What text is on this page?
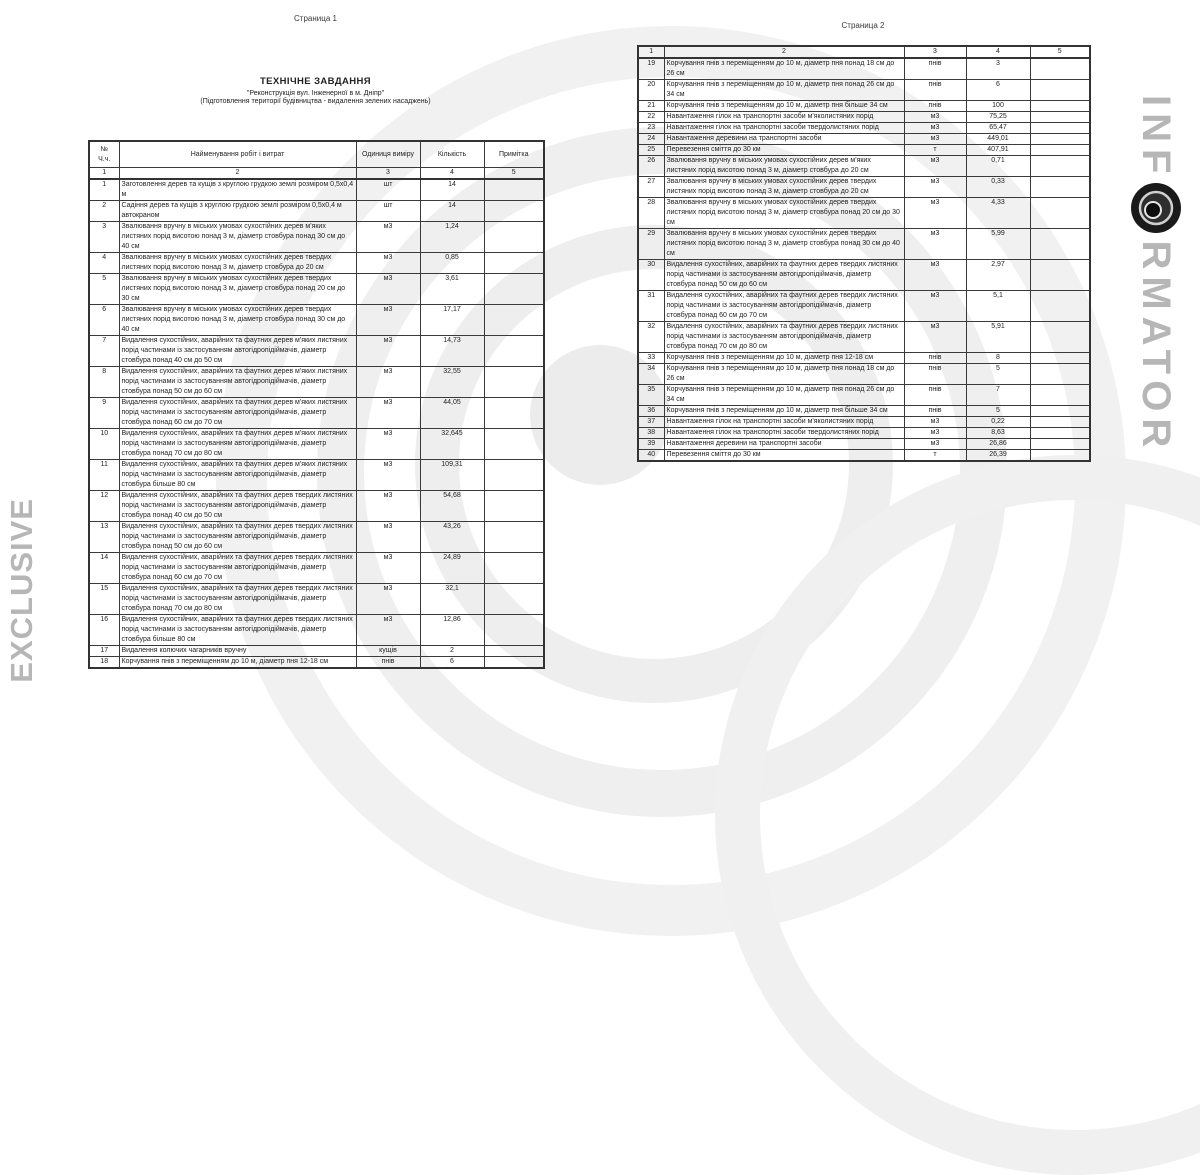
EXCLUSIVE
INFRMATOR
Страница 1
ТЕХНІЧНЕ ЗАВДАННЯ
"Реконструкція вул. Інженерної в м. Дніпр"
(Підготовлення території будівництва - видалення зелених насаджень)
№ Ч.ч.	Найменування робіт і витрат	Одиниця виміру	Кількість	Примітка
1	2	3	4	5
1	Заготовлення дерев та кущів з круглою грудкою землі розміром 0,5х0,4 м	шт	14	
2	Садіння дерев та кущів з круглою грудкою землі розміром 0,5х0,4 м автокраном	шт	14	
3	Звалювання вручну в міських умовах сухостійних дерев м'яких листяних порід висотою понад 3 м, діаметр стовбура понад 30 см до 40 см	м3	1,24	
4	Звалювання вручну в міських умовах сухостійних дерев твердих листяних порід висотою понад 3 м, діаметр стовбура до 20 см	м3	0,85	
5	Звалювання вручну в міських умовах сухостійних дерев твердих листяних порід висотою понад 3 м, діаметр стовбура понад 20 см до 30 см	м3	3,61	
6	Звалювання вручну в міських умовах сухостійних дерев твердих листяних порід висотою понад 3 м, діаметр стовбура понад 30 см до 40 см	м3	17,17	
7	Видалення сухостійних, аварійних та фаутних дерев м'яких листяних порід частинами із застосуванням автогідропідіймачів, діаметр стовбура понад 40 см до 50 см	м3	14,73	
8	Видалення сухостійних, аварійних та фаутних дерев м'яких листяних порід частинами із застосуванням автогідропідіймачів, діаметр стовбура понад 50 см до 60 см	м3	32,55	
9	Видалення сухостійних, аварійних та фаутних дерев м'яких листяних порід частинами із застосуванням автогідропідіймачів, діаметр стовбура понад 60 см до 70 см	м3	44,05	
10	Видалення сухостійних, аварійних та фаутних дерев м'яких листяних порід частинами із застосуванням автогідропідіймачів, діаметр стовбура понад 70 см до 80 см	м3	32,645	
11	Видалення сухостійних, аварійних та фаутних дерев м'яких листяних порід частинами із застосуванням автогідропідіймачів, діаметр стовбура більше 80 см	м3	109,31	
12	Видалення сухостійних, аварійних та фаутних дерев твердих листяних порід частинами із застосуванням автогідропідіймачів, діаметр стовбура понад 40 см до 50 см	м3	54,68	
13	Видалення сухостійних, аварійних та фаутних дерев твердих листяних порід частинами із застосуванням автогідропідіймачів, діаметр стовбура понад 50 см до 60 см	м3	43,26	
14	Видалення сухостійних, аварійних та фаутних дерев твердих листяних порід частинами із застосуванням автогідропідіймачів, діаметр стовбура понад 60 см до 70 см	м3	24,89	
15	Видалення сухостійних, аварійних та фаутних дерев твердих листяних порід частинами із застосуванням автогідропідіймачів, діаметр стовбура понад 70 см до 80 см	м3	32,1	
16	Видалення сухостійних, аварійних та фаутних дерев твердих листяних порід частинами із застосуванням автогідропідіймачів, діаметр стовбура більше 80 см	м3	12,86	
17	Видалення колючих чагарників вручну	кущів	2	
18	Корчування пнів з переміщенням до 10 м, діаметр пня 12-18 см	пнів	6	
Страница 2
1	2	3	4	5
19	Корчування пнів з переміщенням до 10 м, діаметр пня понад 18 см до 26 см	пнів	3	
20	Корчування пнів з переміщенням до 10 м, діаметр пня понад 26 см до 34 см	пнів	6	
21	Корчування пнів з переміщенням до 10 м, діаметр пня більше 34 см	пнів	100	
22	Навантаження гілок на транспортні засоби м'яколистяних порід	м3	75,25	
23	Навантаження гілок на транспортні засоби твердолистяних порід	м3	65,47	
24	Навантаження деревини на транспортні засоби	м3	449,01	
25	Перевезення сміття до 30 км	т	407,91	
26	Звалювання вручну в міських умовах сухостійних дерев м'яких листяних порід висотою понад 3 м, діаметр стовбура до 20 см	м3	0,71	
27	Звалювання вручну в міських умовах сухостійних дерев твердих листяних порід висотою понад 3 м, діаметр стовбура до 20 см	м3	0,33	
28	Звалювання вручну в міських умовах сухостійних дерев твердих листяних порід висотою понад 3 м, діаметр стовбура понад 20 см до 30 см	м3	4,33	
29	Звалювання вручну в міських умовах сухостійних дерев твердих листяних порід висотою понад 3 м, діаметр стовбура понад 30 см до 40 см	м3	5,99	
30	Видалення сухостійних, аварійних та фаутних дерев твердих листяних порід частинами із застосуванням автогідропідіймачів, діаметр стовбура понад 50 см до 60 см	м3	2,97	
31	Видалення сухостійних, аварійних та фаутних дерев твердих листяних порід частинами із застосуванням автогідропідіймачів, діаметр стовбура понад 60 см до 70 см	м3	5,1	
32	Видалення сухостійних, аварійних та фаутних дерев твердих листяних порід частинами із застосуванням автогідропідіймачів, діаметр стовбура понад 70 см до 80 см	м3	5,91	
33	Корчування пнів з переміщенням до 10 м, діаметр пня 12-18 см	пнів	8	
34	Корчування пнів з переміщенням до 10 м, діаметр пня понад 18 см до 26 см	пнів	5	
35	Корчування пнів з переміщенням до 10 м, діаметр пня понад 26 см до 34 см	пнів	7	
36	Корчування пнів з переміщенням до 10 м, діаметр пня більше 34 см	пнів	5	
37	Навантаження гілок на транспортні засоби м'яколистяних порід	м3	0,22	
38	Навантаження гілок на транспортні засоби твердолистяних порід	м3	8,63	
39	Навантаження деревини на транспортні засоби	м3	26,86	
40	Перевезення сміття до 30 км	т	26,39	
